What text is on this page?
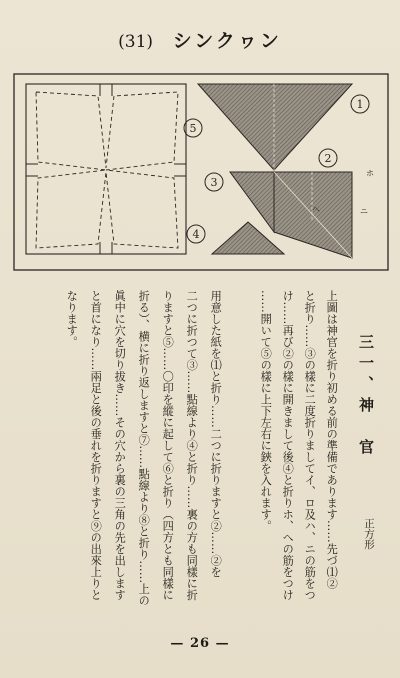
(31) シンクヮン
5
1
2
3
ホ
ニ
ヘ
4
三一、神　官
正方形
上圖は神官を折り初める前の準備であります……先づ⑴②
と折り……③の樣に二度折りましてイ、ロ及ハ、ニの筋をつ
け……再び②の樣に開きまして後④と折りホ、への筋をつけ
……開いて⑤の樣に上下左右に鋏を入れます。
用意した紙を⑴と折り……二つに折りますと②……②を
二つに折つて③……點線より④と折り……裏の方も同樣に折
りますと⑤……〇印を縱に起して⑥と折り（四方とも同樣に
折る）、横に折り返しますと⑦……點線より⑧と折り……上の
眞中に穴を切り拔き……その穴から裏の三角の先を出します
と首になり……兩足と後の垂れを折りますと⑨の出來上りと
なります。
— 26 —
